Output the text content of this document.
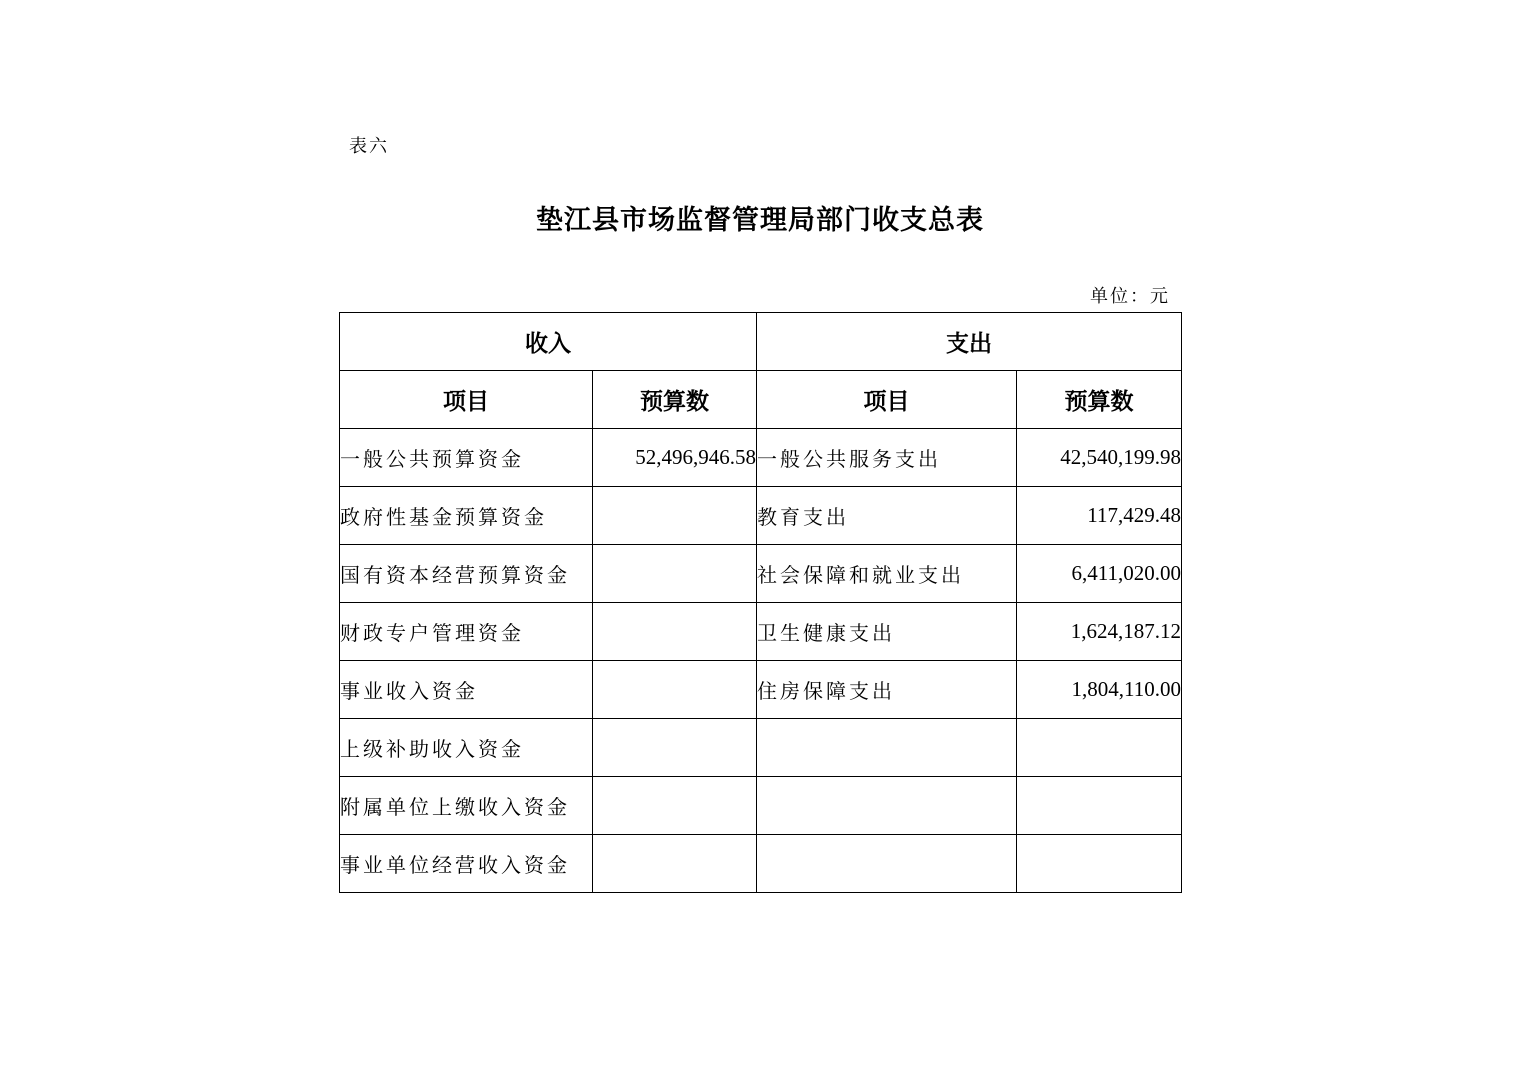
表六
垫江县市场监督管理局部门收支总表
单位：元
收入		支出	
项目	预算数	项目	预算数
一般公共预算资金	52,496,946.58	一般公共服务支出	42,540,199.98
政府性基金预算资金		教育支出	117,429.48
国有资本经营预算资金		社会保障和就业支出	6,411,020.00
财政专户管理资金		卫生健康支出	1,624,187.12
事业收入资金		住房保障支出	1,804,110.00
上级补助收入资金			
附属单位上缴收入资金			
事业单位经营收入资金			
